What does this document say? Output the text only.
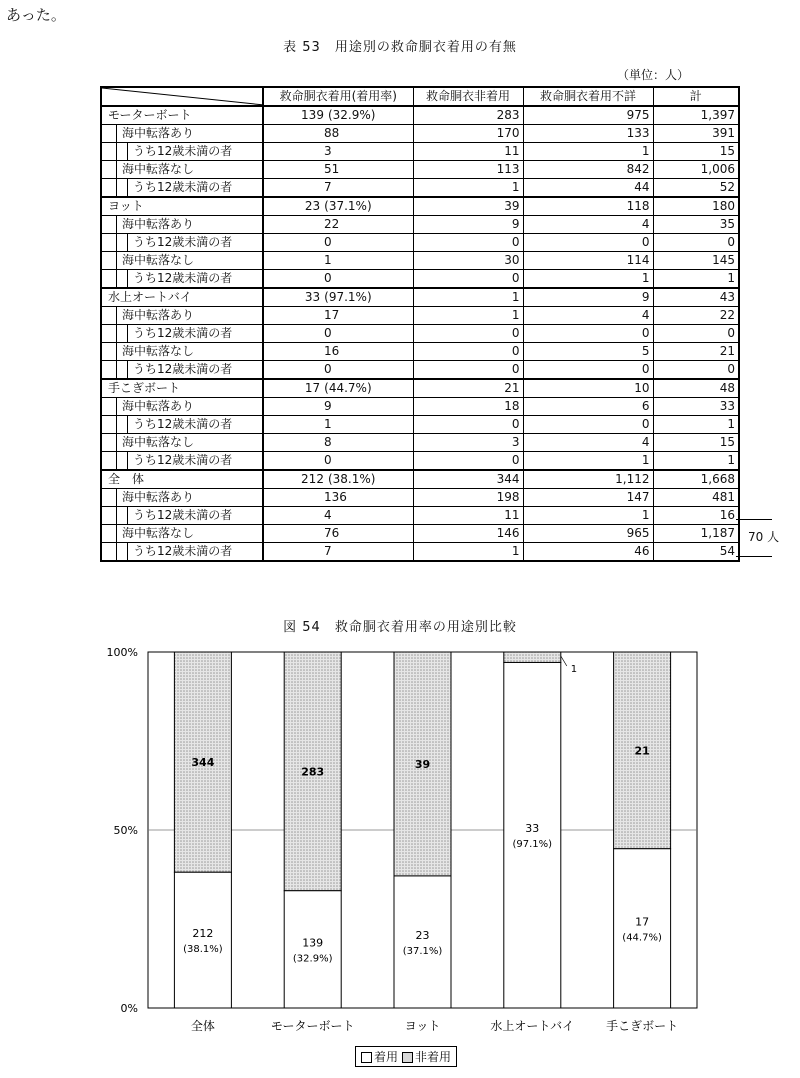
あった。
表 53　用途別の救命胴衣着用の有無
（単位：人）
	救命胴衣着用(着用率)	救命胴衣非着用	救命胴衣着用不詳	計

モーターボート	139 (32.9%)	283	975	1,397

海中転落あり	88	170	133	391

うち12歳未満の者	3	11	1	15

海中転落なし	51	113	842	1,006

うち12歳未満の者	7	1	44	52

ヨット	23 (37.1%)	39	118	180

海中転落あり	22	9	4	35

うち12歳未満の者	0	0	0	0

海中転落なし	1	30	114	145

うち12歳未満の者	0	0	1	1

水上オートバイ	33 (97.1%)	1	9	43

海中転落あり	17	1	4	22

うち12歳未満の者	0	0	0	0

海中転落なし	16	0	5	21

うち12歳未満の者	0	0	0	0

手こぎボート	17 (44.7%)	21	10	48

海中転落あり	9	18	6	33

うち12歳未満の者	1	0	0	1

海中転落なし	8	3	4	15

うち12歳未満の者	0	0	1	1

全　体	212 (38.1%)	344	1,112	1,668

海中転落あり	136	198	147	481

うち12歳未満の者	4	11	1	16

海中転落なし	76	146	965	1,187

うち12歳未満の者	7	1	46	54
70 人
図 54　救命胴衣着用率の用途別比較
0%
50%
100%
212
(38.1%)
344
全体
139
(32.9%)
283
モーターボート
23
(37.1%)
39
ヨット
33
(97.1%)
1
水上オートバイ
17
(44.7%)
21
手こぎボート
着用	非着用
